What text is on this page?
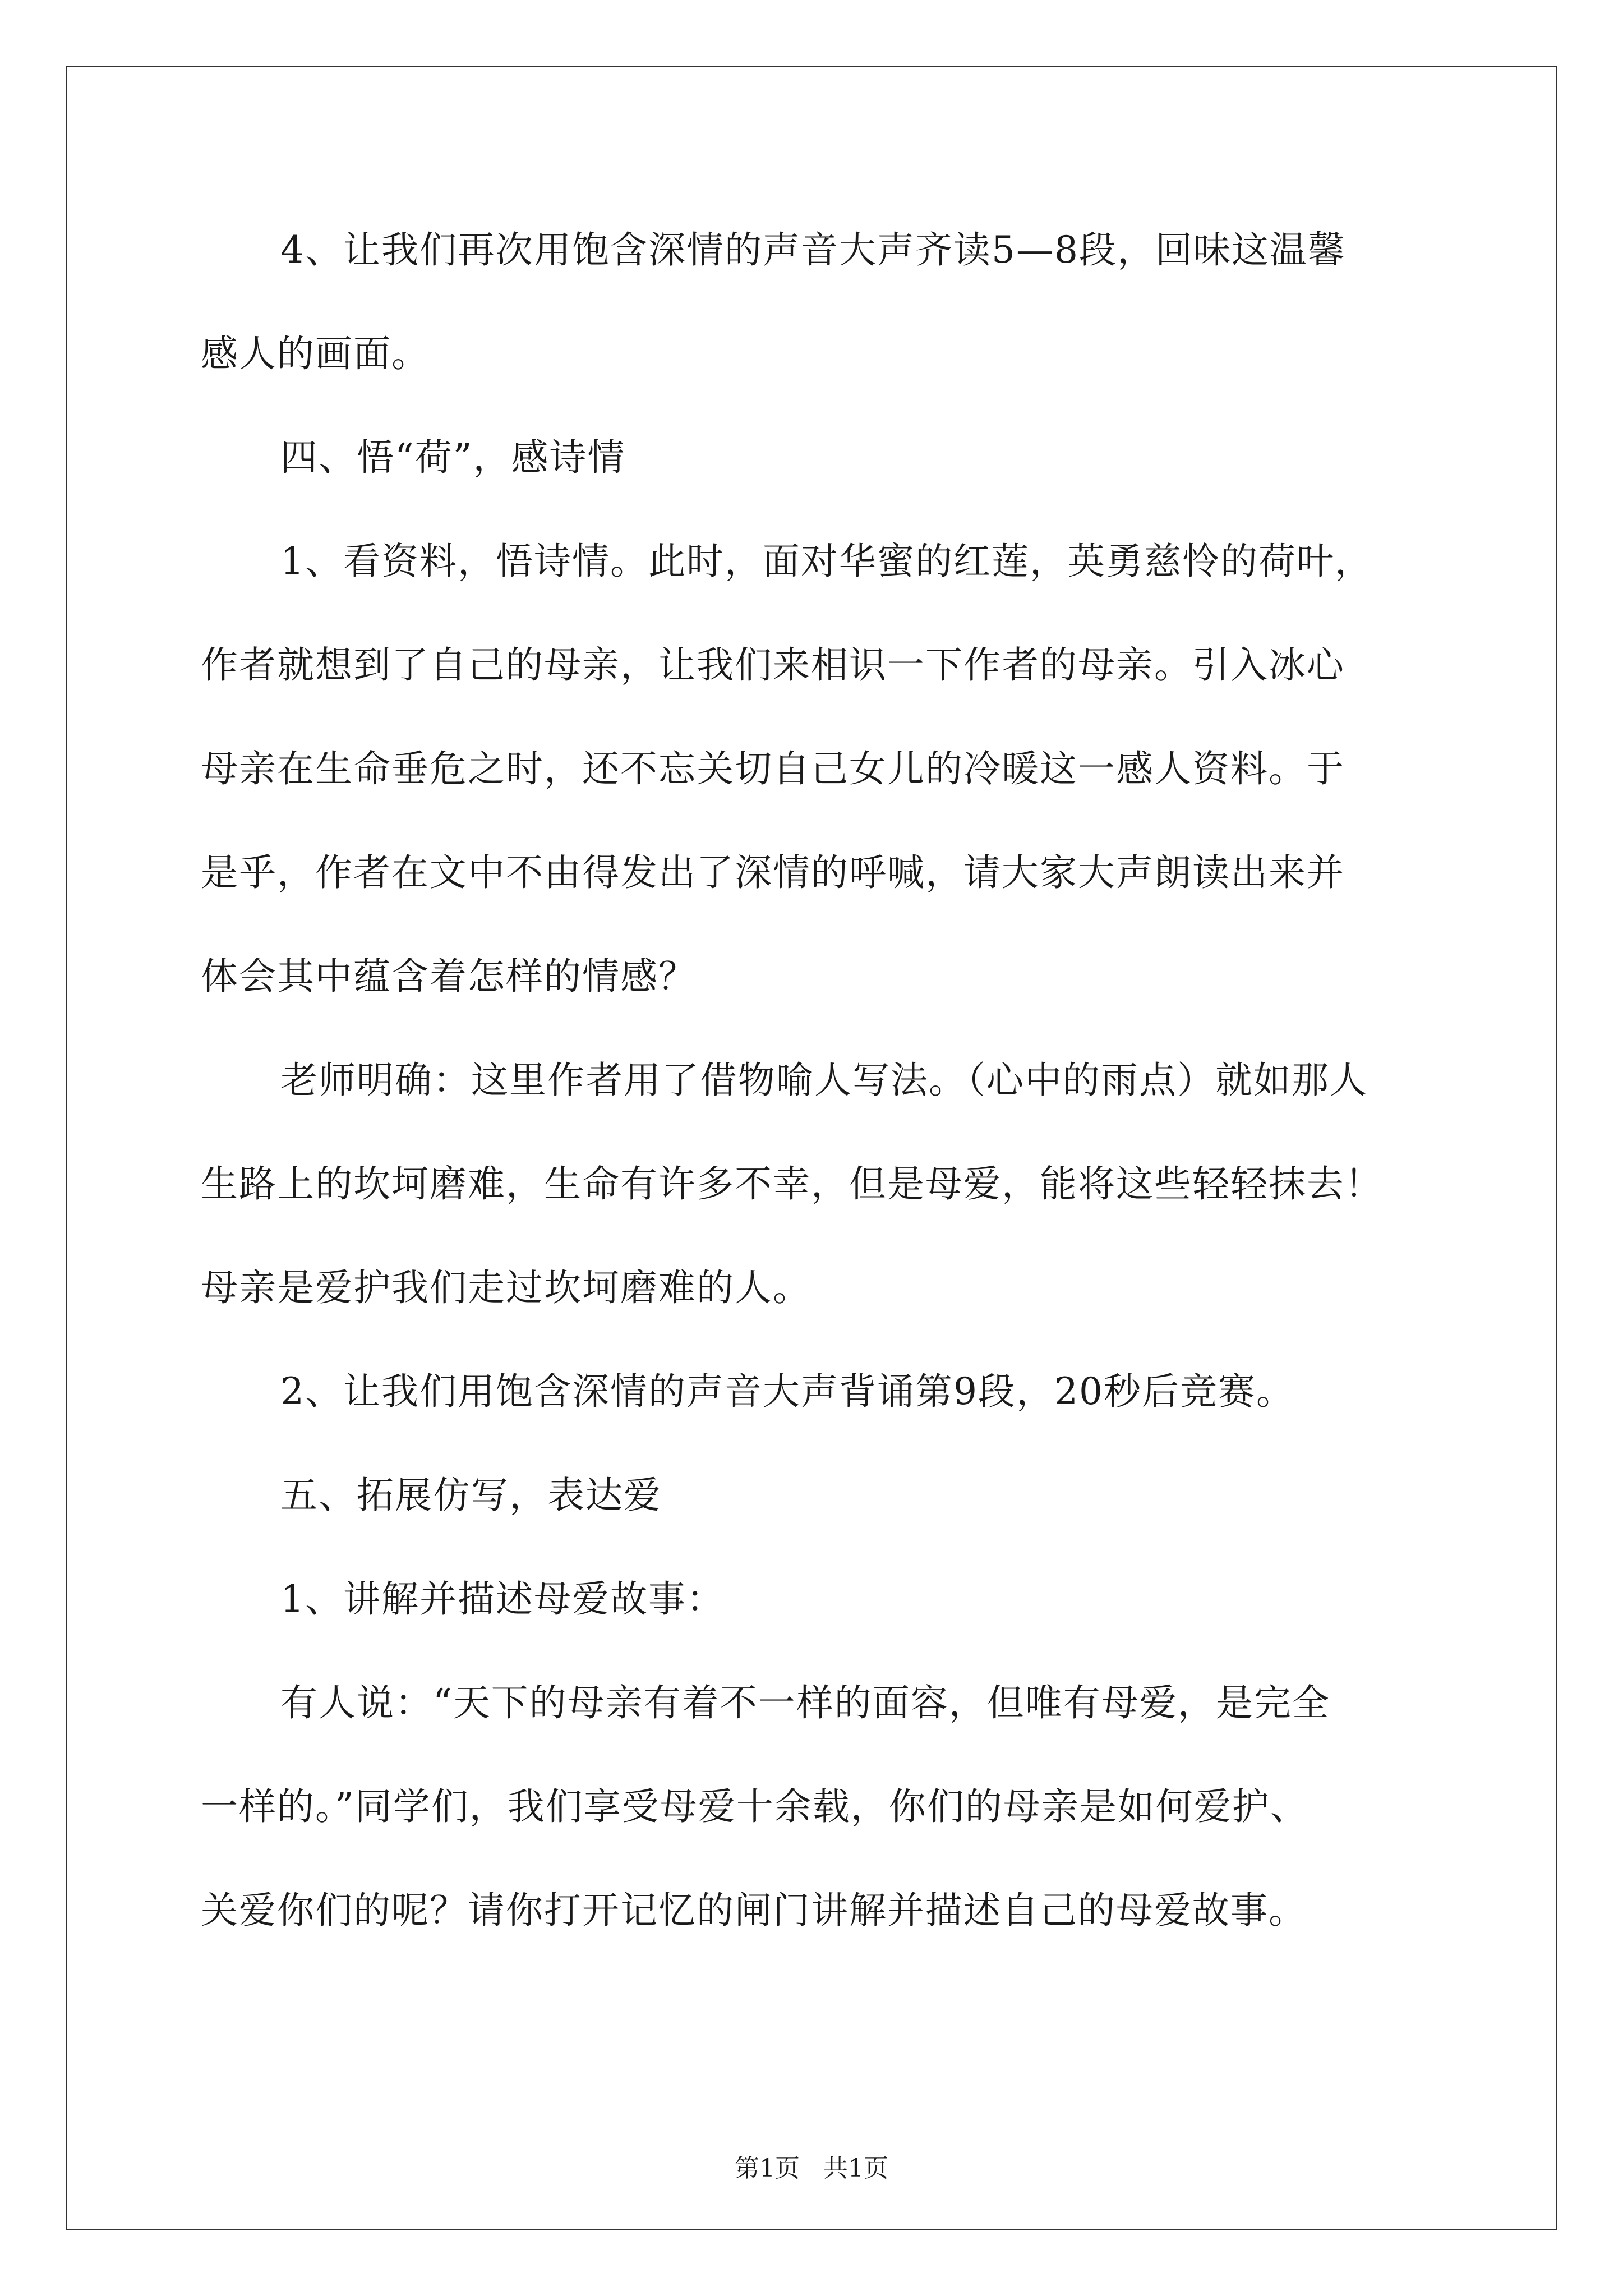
4、让我们再次用饱含深情的声音大声齐读5—8段，回味这温馨
感人的画面。
四、悟“荷”，感诗情
1、看资料，悟诗情。此时，面对华蜜的红莲，英勇慈怜的荷叶，
作者就想到了自己的母亲，让我们来相识一下作者的母亲。引入冰心
母亲在生命垂危之时，还不忘关切自己女儿的冷暖这一感人资料。于
是乎，作者在文中不由得发出了深情的呼喊，请大家大声朗读出来并
体会其中蕴含着怎样的情感？
老师明确：这里作者用了借物喻人写法。（心中的雨点）就如那人
生路上的坎坷磨难，生命有许多不幸，但是母爱，能将这些轻轻抹去！
母亲是爱护我们走过坎坷磨难的人。
2、让我们用饱含深情的声音大声背诵第9段，20秒后竞赛。
五、拓展仿写，表达爱
1、讲解并描述母爱故事：
有人说：“天下的母亲有着不一样的面容，但唯有母爱，是完全
一样的。”同学们，我们享受母爱十余载，你们的母亲是如何爱护、
关爱你们的呢？请你打开记忆的闸门讲解并描述自己的母爱故事。
第1页   共1页
